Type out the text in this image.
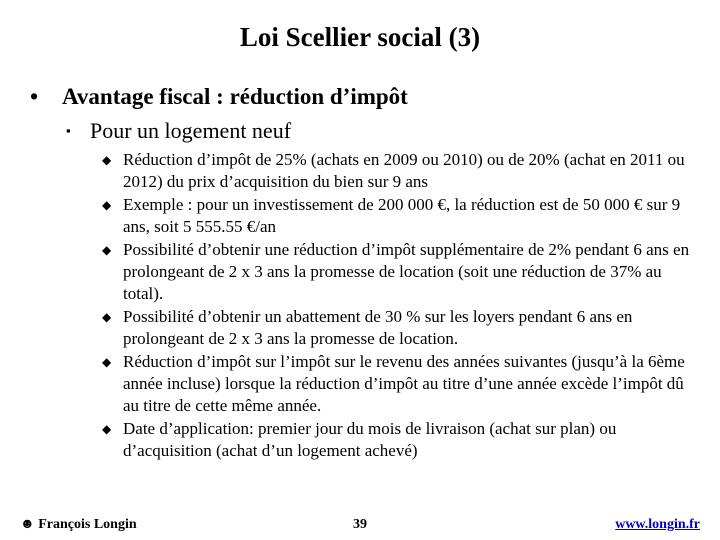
Loi Scellier social (3)
•	Avantage fiscal : réduction d’impôt
▪ Pour un logement neuf
◆ Réduction d’impôt de 25% (achats en 2009 ou 2010) ou de 20% (achat en 2011 ou 2012) du prix d’acquisition du bien sur 9 ans
◆ Exemple : pour un investissement de 200 000 €, la réduction est de 50 000 € sur 9 ans, soit 5 555.55 €/an
◆ Possibilité d’obtenir une réduction d’impôt supplémentaire de 2% pendant 6 ans en prolongeant de 2 x 3 ans la promesse de location (soit une réduction de 37% au total).
◆ Possibilité d’obtenir un abattement de 30 % sur les loyers pendant 6 ans en prolongeant de 2 x 3 ans la promesse de location.
◆ Réduction d’impôt sur l’impôt sur le revenu des années suivantes (jusqu’à la 6ème année incluse) lorsque la réduction d’impôt au titre d’une année excède l’impôt dû au titre de cette même année.
◆ Date d’application: premier jour du mois de livraison (achat sur plan) ou d’acquisition (achat d’un logement achevé)
☻ François Longin	39	www.longin.fr
